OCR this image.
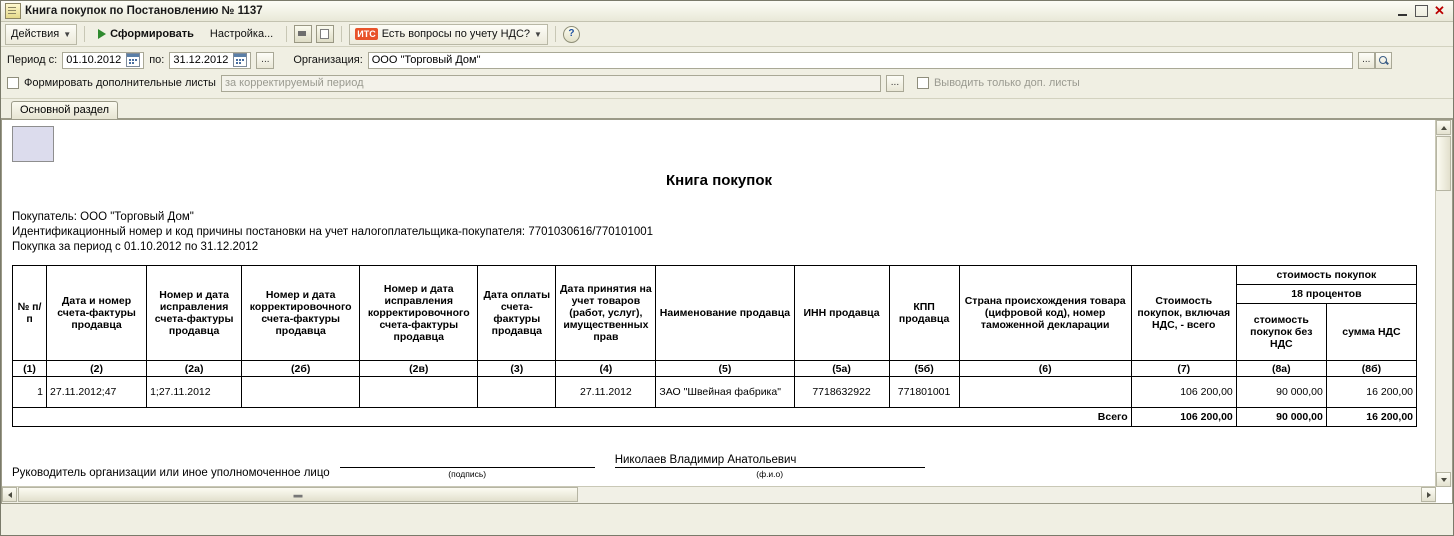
Книга покупок по Постановлению № 1137	✕
Действия ▼	Сформировать Настройка...	ИТС Есть вопросы по учету НДС? ▼	?
Период с: 01.10.2012	по: 31.12.2012	...	Организация: ООО "Торговый Дом"	...
Формировать дополнительные листы за корректируемый период	...	Выводить только доп. листы
Основной раздел
Книга покупок
Покупатель: ООО "Торговый Дом"
Идентификационный номер и код причины постановки на учет налогоплательщика-покупателя: 7701030616/770101001
Покупка за период с 01.10.2012 по 31.12.2012
№ п/п	Дата и номер счета-фактуры продавца	Номер и дата исправления счета-фактуры продавца	Номер и дата корректировочного счета-фактуры продавца	Номер и дата исправления корректировочного счета-фактуры продавца	Дата оплаты счета-фактуры продавца	Дата принятия на учет товаров (работ, услуг), имущественных прав	Наименование продавца	ИНН продавца	КПП продавца	Страна происхождения товара (цифровой код), номер таможенной декларации	Стоимость покупок, включая НДС, - всего	стоимость покупок	
												18 процентов	
												стоимость покупок без НДС	сумма НДС
(1)	(2)	(2а)	(2б)	(2в)	(3)	(4)	(5)	(5а)	(5б)	(6)	(7)	(8а)	(8б)
1	27.11.2012;47	1;27.11.2012				27.11.2012	ЗАО "Швейная фабрика"	7718632922	771801001		106 200,00	90 000,00	16 200,00
Всего											106 200,00	90 000,00	16 200,00
Руководитель организации или иное уполномоченное лицо	(подпись)
Николаев Владимир Анатольевич
(ф.и.о)
▬
